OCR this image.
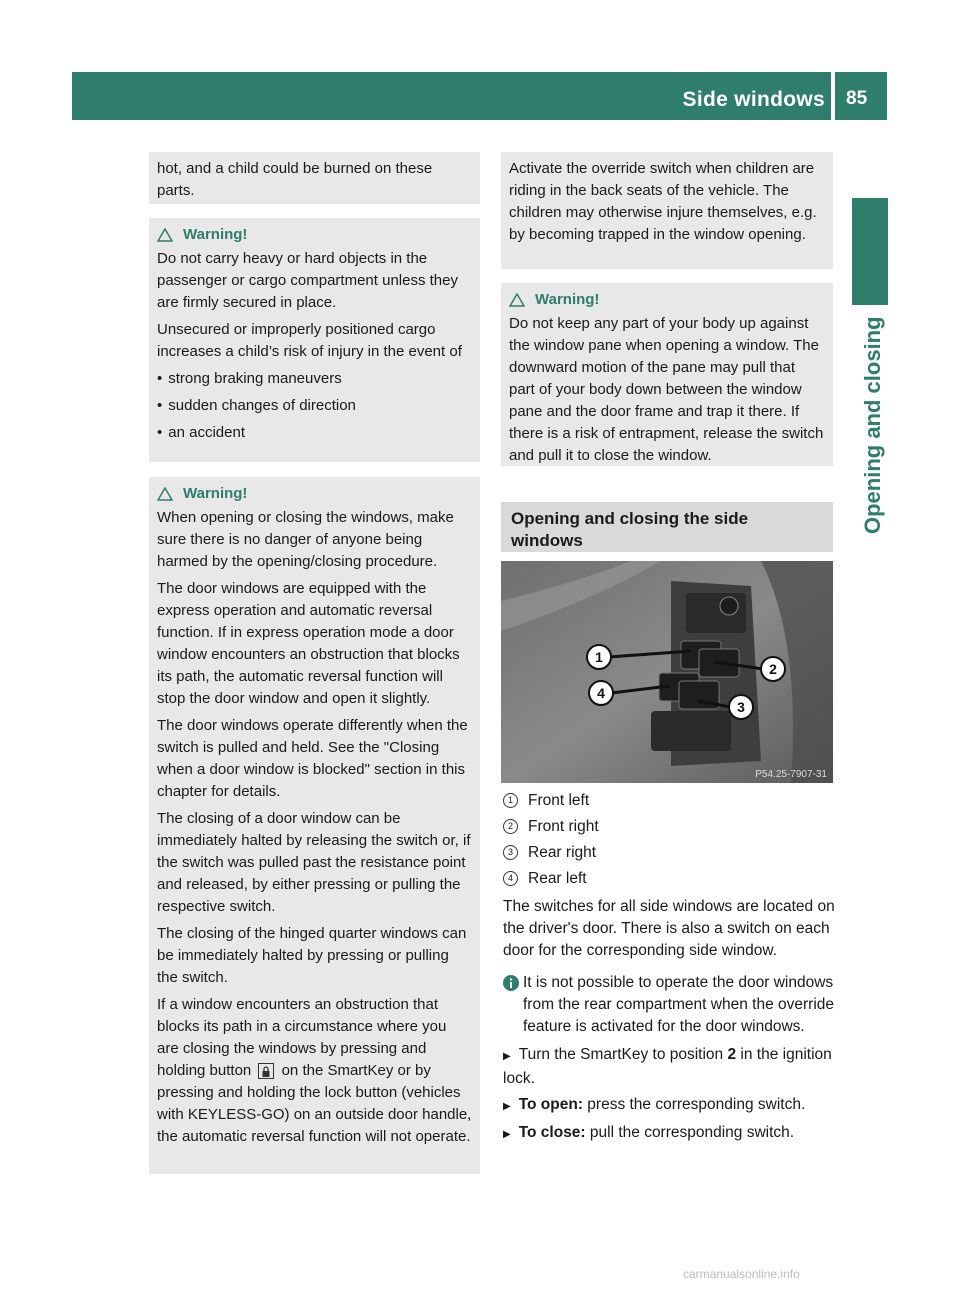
Side windows 85
Opening and closing

hot, and a child could be burned on these parts.

Warning!

Do not carry heavy or hard objects in the passenger or cargo compartment unless they are firmly secured in place.

Unsecured or improperly positioned cargo increases a child’s risk of injury in the event of

• strong braking maneuvers

• sudden changes of direction

• an accident

Warning!

When opening or closing the windows, make sure there is no danger of anyone being harmed by the opening/closing procedure.

The door windows are equipped with the express operation and automatic reversal function. If in express operation mode a door window encounters an obstruction that blocks its path, the automatic reversal function will stop the door window and open it slightly.

The door windows operate differently when the switch is pulled and held. See the "Closing when a door window is blocked" section in this chapter for details.

The closing of a door window can be immediately halted by releasing the switch or, if the switch was pulled past the resistance point and released, by either pressing or pulling the respective switch.

The closing of the hinged quarter windows can be immediately halted by pressing or pulling the switch.

If a window encounters an obstruction that blocks its path in a circumstance where you are closing the windows by pressing and holding button on the SmartKey or by pressing and holding the lock button (vehicles with KEYLESS-GO) on an outside door handle, the automatic reversal function will not operate.

Activate the override switch when children are riding in the back seats of the vehicle. The children may otherwise injure themselves, e.g. by becoming trapped in the window opening.

Warning!

Do not keep any part of your body up against the window pane when opening a window. The downward motion of the pane may pull that part of your body down between the window pane and the door frame and trap it there. If there is a risk of entrapment, release the switch and pull it to close the window.

Opening and closing the side windows
1
2
3
4
P54.25-7907-31
1 Front left
2 Front right
3 Rear right
4 Rear left

The switches for all side windows are located on the driver's door. There is also a switch on each door for the corresponding side window.

It is not possible to operate the door windows from the rear compartment when the override feature is activated for the door windows.

▶ Turn the SmartKey to position 2 in the ignition lock.

▶ To open: press the corresponding switch.

▶ To close: pull the corresponding switch.

carmanualsonline.info
